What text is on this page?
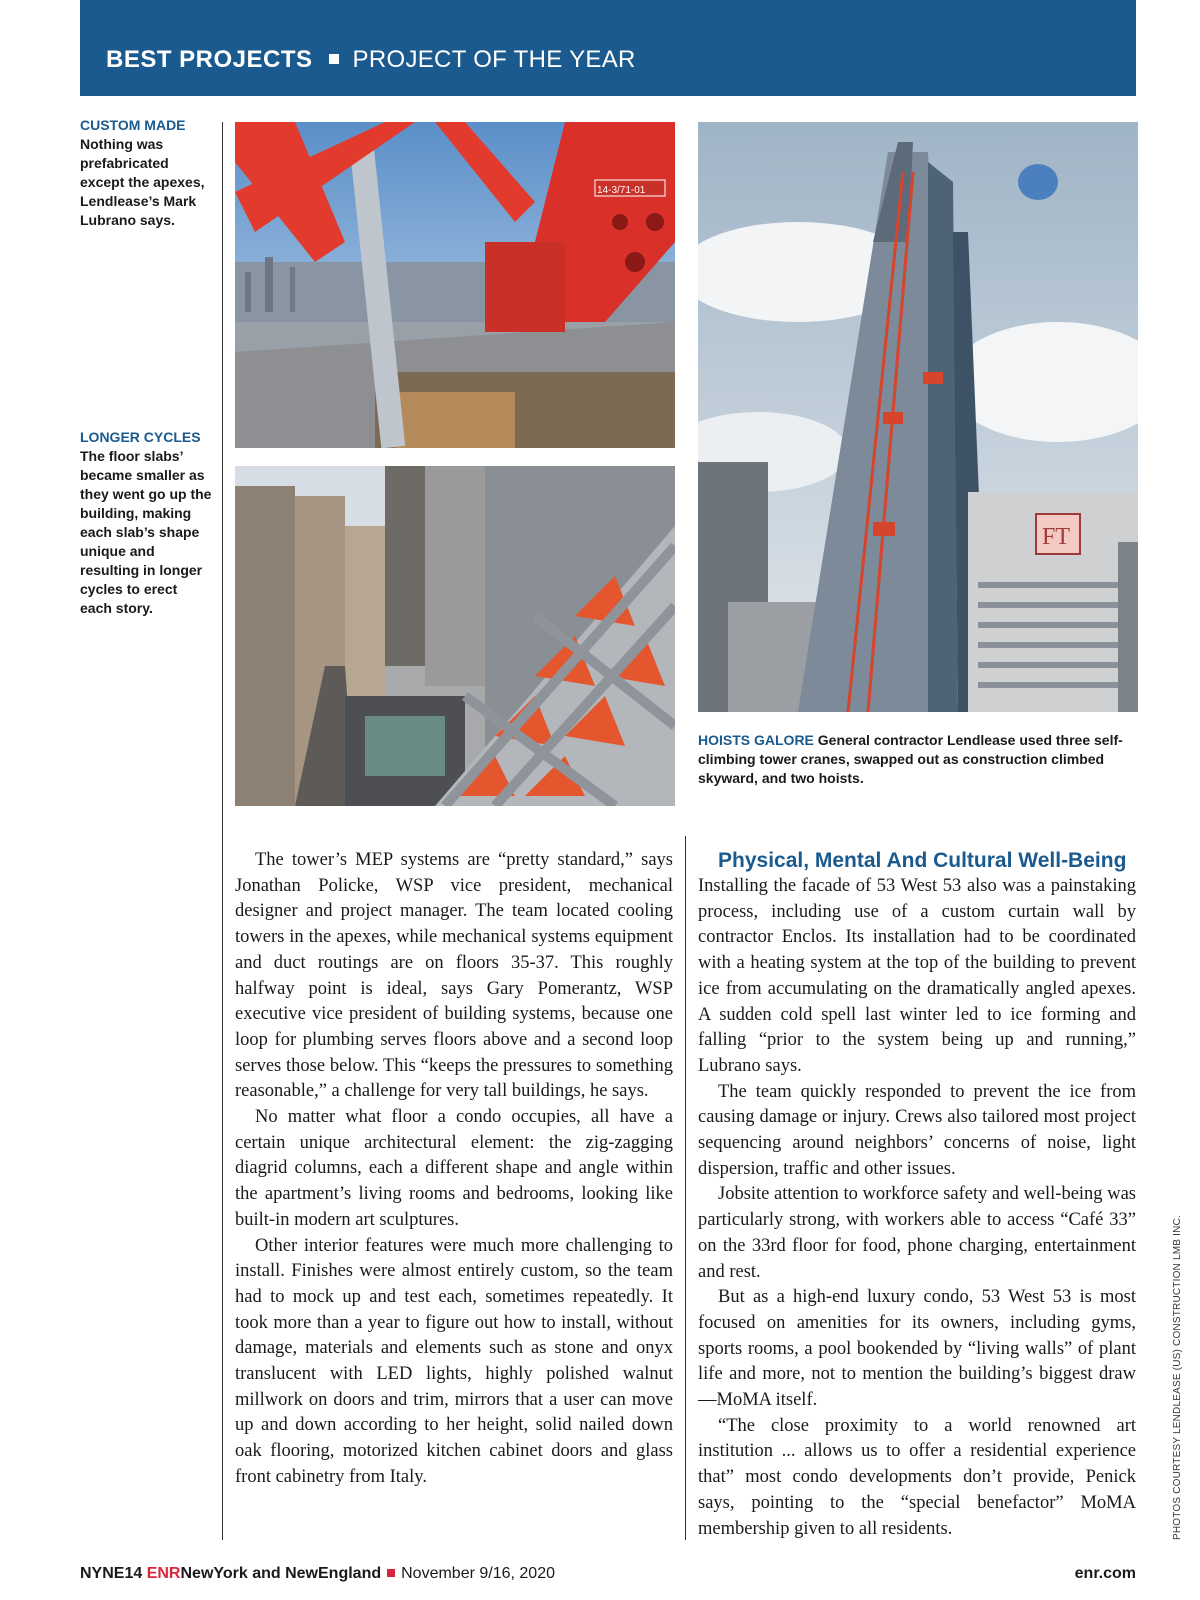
BEST PROJECTS PROJECT OF THE YEAR
CUSTOM MADE
Nothing was prefabricated except the apexes, Lendlease’s Mark Lubrano says.
LONGER CYCLES
The floor slabs’ became smaller as they went go up the building, making each slab’s shape unique and resulting in longer cycles to erect each story.
14-3/71-01
FT
HOISTS GALORE General contractor Lendlease used three self-climbing tower cranes, swapped out as construction climbed skyward, and two hoists.

The tower’s MEP systems are “pretty standard,” says Jonathan Policke, WSP vice president, mechanical designer and project manager. The team located cooling towers in the apexes, while mechanical systems equipment and duct routings are on floors 35-37. This roughly halfway point is ideal, says Gary Pomerantz, WSP executive vice president of building systems, because one loop for plumbing serves floors above and a second loop serves those below. This “keeps the pressures to something reasonable,” a challenge for very tall buildings, he says.

No matter what floor a condo occupies, all have a certain unique architectural element: the zig-zagging diagrid columns, each a different shape and angle within the apartment’s living rooms and bedrooms, looking like built-in modern art sculptures.

Other interior features were much more challenging to install. Finishes were almost entirely custom, so the team had to mock up and test each, sometimes repeatedly. It took more than a year to figure out how to install, without damage, materials and elements such as stone and onyx translucent with LED lights, highly polished walnut millwork on doors and trim, mirrors that a user can move up and down according to her height, solid nailed down oak flooring, motorized kitchen cabinet doors and glass front cabinetry from Italy.

Physical, Mental And Cultural Well-Being

Installing the facade of 53 West 53 also was a painstaking process, including use of a custom curtain wall by contractor Enclos. Its installation had to be coordinated with a heating system at the top of the building to prevent ice from accumulating on the dramatically angled apexes. A sudden cold spell last winter led to ice forming and falling “prior to the system being up and running,” Lubrano says.

The team quickly responded to prevent the ice from causing damage or injury. Crews also tailored most project sequencing around neighbors’ concerns of noise, light dispersion, traffic and other issues.

Jobsite attention to workforce safety and well-being was particularly strong, with workers able to access “Café 33” on the 33rd floor for food, phone charging, entertainment and rest.

But as a high-end luxury condo, 53 West 53 is most focused on amenities for its owners, including gyms, sports rooms, a pool bookended by “living walls” of plant life and more, not to mention the building’s biggest draw—MoMA itself.

“The close proximity to a world renowned art institution ... allows us to offer a residential experience that” most condo developments don’t provide, Penick says, pointing to the “special benefactor” MoMA membership given to all residents.	PHOTOS COURTESY LENDLEASE (US) CONSTRUCTION LMB INC.
NYNE14 ENRNewYork and NewEngland November 9/16, 2020	enr.com
